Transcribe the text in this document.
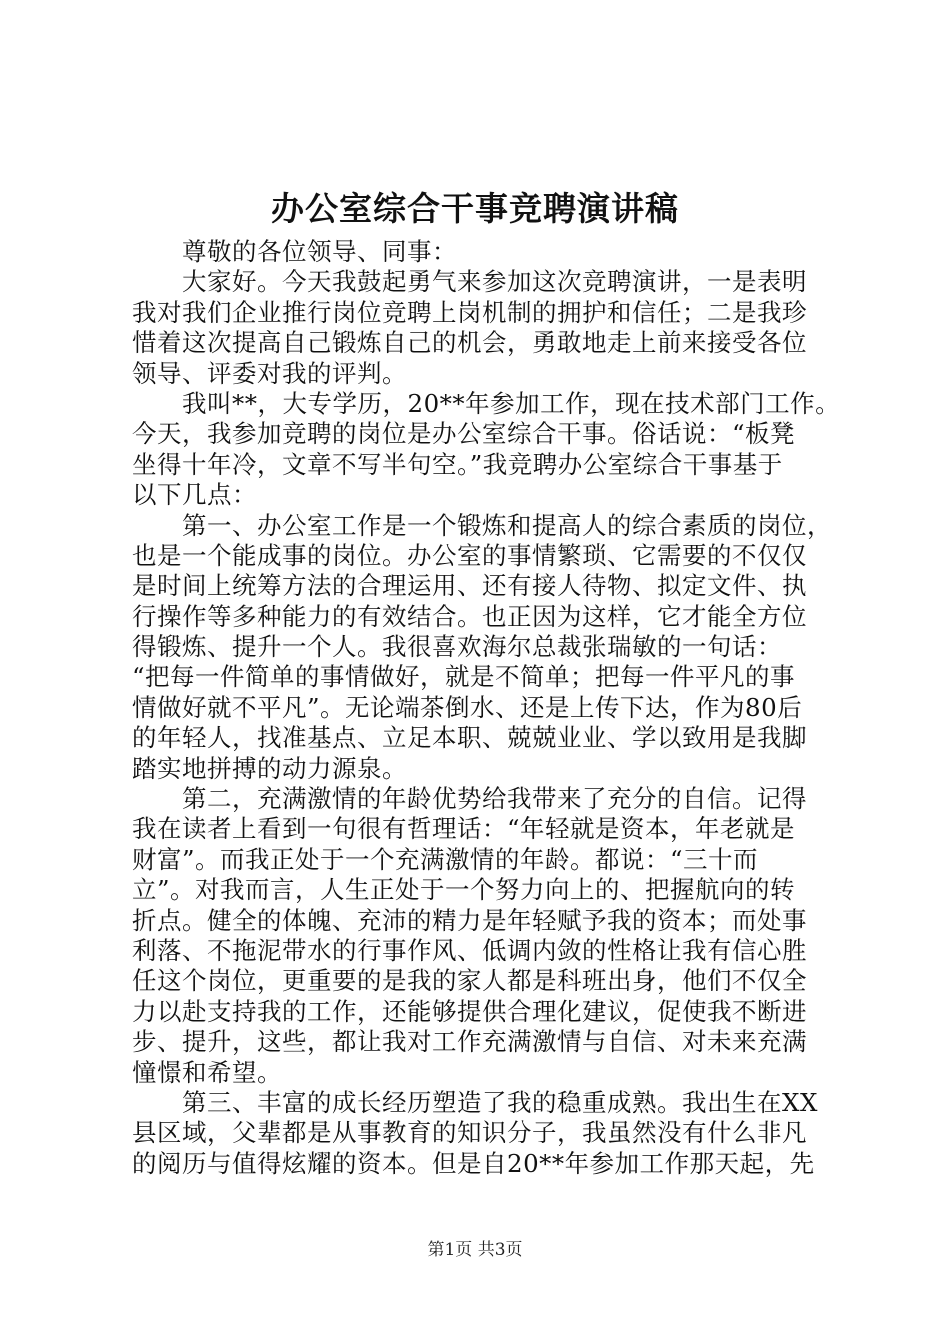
办公室综合干事竞聘演讲稿
尊敬的各位领导、同事：
大家好。今天我鼓起勇气来参加这次竞聘演讲，一是表明
我对我们企业推行岗位竞聘上岗机制的拥护和信任；二是我珍
惜着这次提高自己锻炼自己的机会，勇敢地走上前来接受各位
领导、评委对我的评判。
我叫**，大专学历，20**年参加工作，现在技术部门工作。
今天，我参加竞聘的岗位是办公室综合干事。俗话说：“板凳
坐得十年冷，文章不写半句空。”我竞聘办公室综合干事基于
以下几点：
第一、办公室工作是一个锻炼和提高人的综合素质的岗位，
也是一个能成事的岗位。办公室的事情繁琐、它需要的不仅仅
是时间上统筹方法的合理运用、还有接人待物、拟定文件、执
行操作等多种能力的有效结合。也正因为这样，它才能全方位
得锻炼、提升一个人。我很喜欢海尔总裁张瑞敏的一句话：
“把每一件简单的事情做好，就是不简单；把每一件平凡的事
情做好就不平凡”。无论端茶倒水、还是上传下达，作为80后
的年轻人，找准基点、立足本职、兢兢业业、学以致用是我脚
踏实地拼搏的动力源泉。
第二，充满激情的年龄优势给我带来了充分的自信。记得
我在读者上看到一句很有哲理话：“年轻就是资本，年老就是
财富”。而我正处于一个充满激情的年龄。都说：“三十而
立”。对我而言，人生正处于一个努力向上的、把握航向的转
折点。健全的体魄、充沛的精力是年轻赋予我的资本；而处事
利落、不拖泥带水的行事作风、低调内敛的性格让我有信心胜
任这个岗位，更重要的是我的家人都是科班出身，他们不仅全
力以赴支持我的工作，还能够提供合理化建议，促使我不断进
步、提升，这些，都让我对工作充满激情与自信、对未来充满
憧憬和希望。
第三、丰富的成长经历塑造了我的稳重成熟。我出生在XX
县区域，父辈都是从事教育的知识分子，我虽然没有什么非凡
的阅历与值得炫耀的资本。但是自20**年参加工作那天起，先
第1页 共3页
